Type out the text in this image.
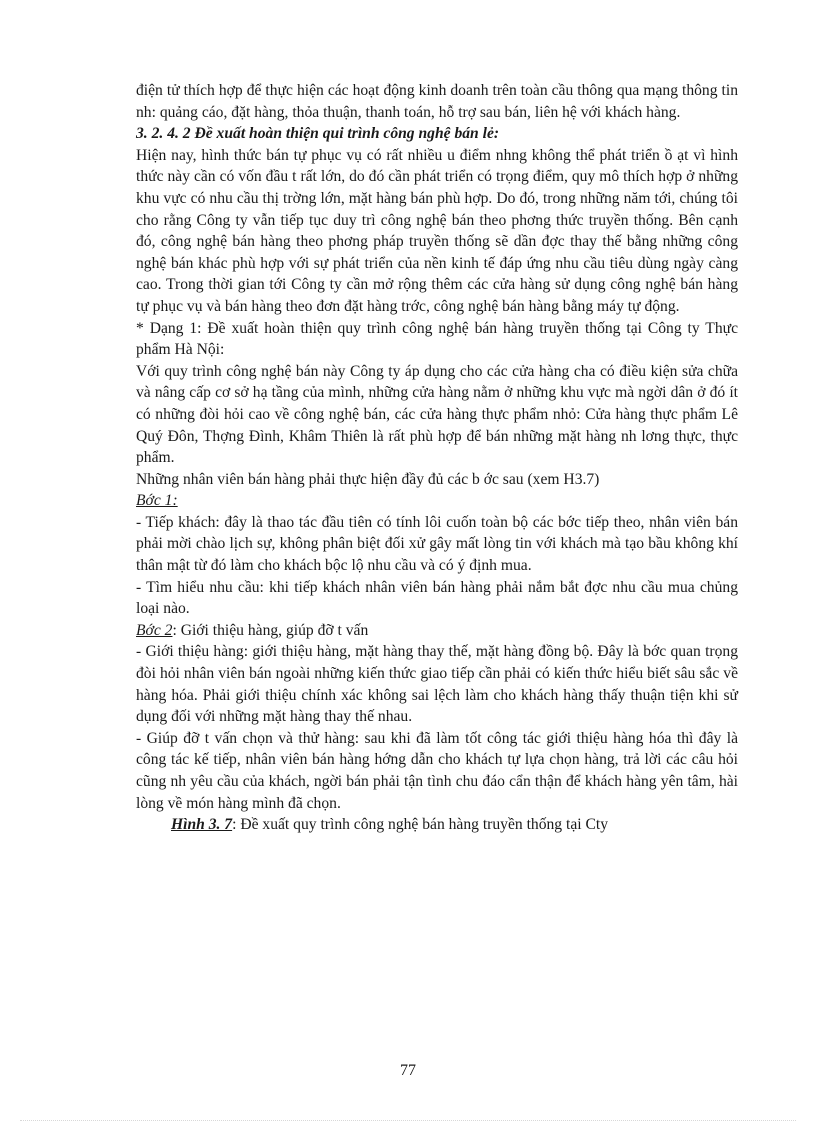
điện tử thích hợp để thực hiện các hoạt động kinh doanh trên toàn cầu thông qua mạng thông tin nh: quảng cáo, đặt hàng, thỏa thuận, thanh toán, hỗ trợ sau bán, liên hệ với khách hàng.

3. 2. 4. 2 Đề xuất hoàn thiện qui trình công nghệ bán lẻ:

Hiện nay, hình thức bán tự phục vụ có rất nhiều u điểm nhng không thể phát triển ồ ạt vì hình thức này cần có vốn đầu t rất lớn, do đó cần phát triển có trọng điểm, quy mô thích hợp ở những khu vực có nhu cầu thị trờng lớn, mặt hàng bán phù hợp. Do đó, trong những năm tới, chúng tôi cho rằng Công ty vẫn tiếp tục duy trì công nghệ bán theo phơng thức truyền thống. Bên cạnh đó, công nghệ bán hàng theo phơng pháp truyền thống sẽ dần đợc thay thế bằng những công nghệ bán khác phù hợp với sự phát triển của nền kinh tế đáp ứng nhu cầu tiêu dùng ngày càng cao. Trong thời gian tới Công ty cần mở rộng thêm các cửa hàng sử dụng công nghệ bán hàng tự phục vụ và bán hàng theo đơn đặt hàng trớc, công nghệ bán hàng bằng máy tự động.

* Dạng 1: Đề xuất hoàn thiện quy trình công nghệ bán hàng truyền thống tại Công ty Thực phẩm Hà Nội:

Với quy trình công nghệ bán này Công ty áp dụng cho các cửa hàng cha có điều kiện sửa chữa và nâng cấp cơ sở hạ tầng của mình, những cửa hàng nằm ở những khu vực mà ngời dân ở đó ít có những đòi hỏi cao về công nghệ bán, các cửa hàng thực phẩm nhỏ: Cửa hàng thực phẩm Lê Quý Đôn, Thợng Đình, Khâm Thiên là rất phù hợp để bán những mặt hàng nh lơng thực, thực phẩm.

Những nhân viên bán hàng phải thực hiện đầy đủ các b ớc sau (xem H3.7)

Bớc 1:

- Tiếp khách: đây là thao tác đầu tiên có tính lôi cuốn toàn bộ các bớc tiếp theo, nhân viên bán phải mời chào lịch sự, không phân biệt đối xử gây mất lòng tin với khách mà tạo bầu không khí thân mật từ đó làm cho khách bộc lộ nhu cầu và có ý định mua.

- Tìm hiểu nhu cầu: khi tiếp khách nhân viên bán hàng phải nắm bắt đợc nhu cầu mua chủng loại nào.

Bớc 2: Giới thiệu hàng, giúp đỡ t vấn

- Giới thiệu hàng: giới thiệu hàng, mặt hàng thay thế, mặt hàng đồng bộ. Đây là bớc quan trọng đòi hỏi nhân viên bán ngoài những kiến thức giao tiếp cần phải có kiến thức hiểu biết sâu sắc về hàng hóa. Phải giới thiệu chính xác không sai lệch làm cho khách hàng thấy thuận tiện khi sử dụng đối với những mặt hàng thay thế nhau.

- Giúp đỡ t vấn chọn và thử hàng: sau khi đã làm tốt công tác giới thiệu hàng hóa thì đây là công tác kế tiếp, nhân viên bán hàng hớng dẫn cho khách tự lựa chọn hàng, trả lời các câu hỏi cũng nh yêu cầu của khách, ngời bán phải tận tình chu đáo cẩn thận để khách hàng yên tâm, hài lòng về món hàng mình đã chọn.

Hình 3. 7: Đề xuất quy trình công nghệ bán hàng truyền thống tại Cty

77
